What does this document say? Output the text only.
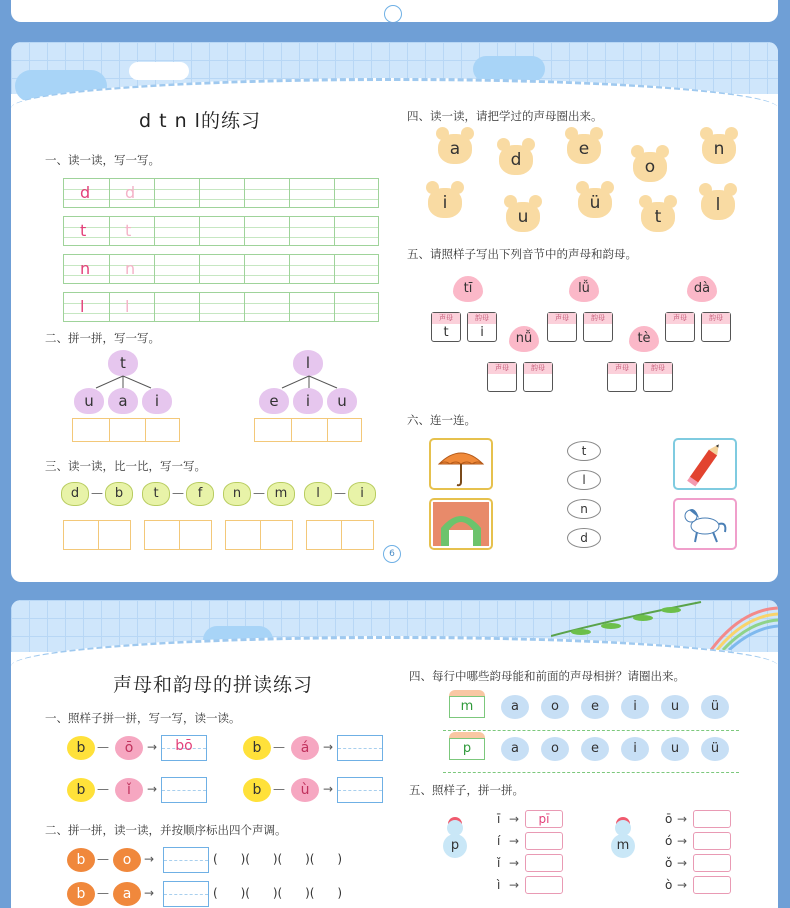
d t n l的练习
一、读一读，写一写。
d d
t t
n n
l	l
二、拼一拼，写一写。
t
u	a	i
l
e	i	u
三、读一读，比一比，写一写。
d — b	t	—	f	n — m	l	—	i
6
四、读一读，请把学过的声母圈出来。
a
d
e
o
n
i
u
ü
t
l
五、请照样子写出下列音节中的声母和韵母。
tī
声母
t
韵母
i
lǚ
声母	韵母
dà
声母	韵母
nǚ
声母	韵母
tè
声母	韵母
六、连一连。
t
l
n
d
声母和韵母的拼读练习
一、照样子拼一拼，写一写，读一读。
b —	ō	→	bō	b —	á	→
b —	ǐ	→	b —	ù	→
二、拼一拼，读一读，并按顺序标出四个声调。
b — o	→	(      )(      )(      )(      )
b — a	→	(      )(      )(      )(      )
四、每行中哪些韵母能和前面的声母相拼？请圈出来。
m	a	o	e	i	u	ü
p	a	o	e	i	u	ü
五、照样子，拼一拼。
p
ī →	pī
í →
ǐ →
ì →
m
ō →
ó →
ǒ →
ò →
